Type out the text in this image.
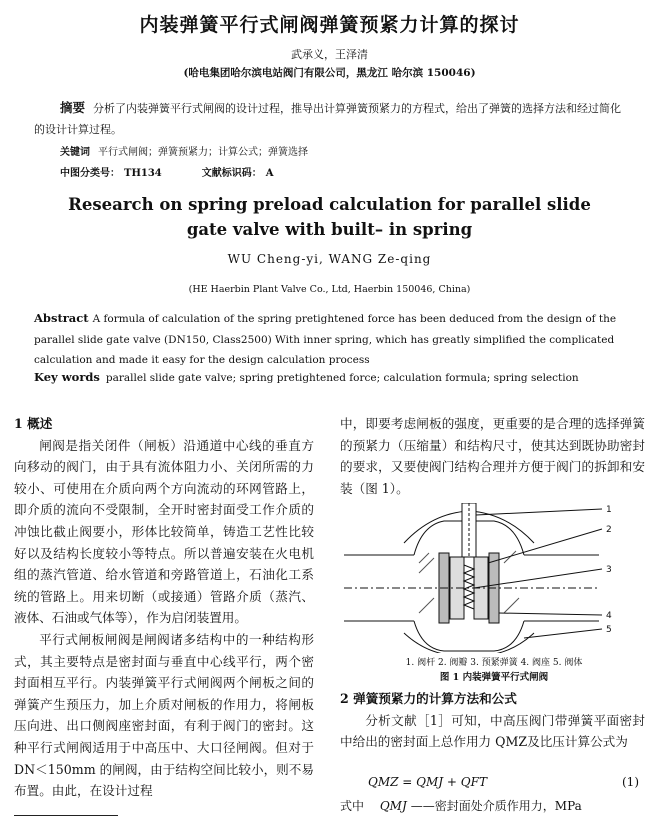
内装弹簧平行式闸阀弹簧预紧力计算的探讨
武承义，王泽清
(哈电集团哈尔滨电站阀门有限公司，黑龙江 哈尔滨 150046)
摘要 分析了内装弹簧平行式闸阀的设计过程，推导出计算弹簧预紧力的方程式，给出了弹簧的选择方法和经过简化的设计计算过程。
关键词 平行式闸阀；弹簧预紧力；计算公式；弹簧选择
中图分类号： TH134	文献标识码： A
Research on spring preload calculation for parallel slide
gate valve with built– in spring
WU Cheng-yi, WANG Ze-qing
(HE Haerbin Plant Valve Co., Ltd, Haerbin 150046, China)
Abstract A formula of calculation of the spring pretightened force has been deduced from the design of the parallel slide gate valve (DN150, Class2500) With inner spring, which has greatly simplified the complicated calculation and made it easy for the design calculation process
Key words parallel slide gate valve; spring pretightened force; calculation formula; spring selection
1 概述

闸阀是指关闭件（闸板）沿通道中心线的垂直方向移动的阀门，由于具有流体阻力小、关闭所需的力较小、可使用在介质向两个方向流动的环网管路上，即介质的流向不受限制，全开时密封面受工作介质的冲蚀比截止阀要小，形体比较简单，铸造工艺性比较好以及结构长度较小等特点。所以普遍安装在火电机组的蒸汽管道、给水管道和旁路管道上，石油化工系统的管路上。用来切断（或接通）管路介质（蒸汽、液体、石油或气体等），作为启闭装置用。

平行式闸板闸阀是闸阀诸多结构中的一种结构形式，其主要特点是密封面与垂直中心线平行，两个密封面相互平行。内装弹簧平行式闸阀两个闸板之间的弹簧产生预压力，加上介质对闸板的作用力，将闸板压向进、出口侧阀座密封面，有利于阀门的密封。这种平行式闸阀适用于中高压中、大口径闸阀。但对于 DN＜150mm 的闸阀，由于结构空间比较小，则不易布置。由此，在设计过程

中，即要考虑闸板的强度，更重要的是合理的选择弹簧的预紧力（压缩量）和结构尺寸，使其达到既协助密封的要求，又要使阀门结构合理并方便于阀门的拆卸和安装（图 1）。
1
2
3
4
5
1. 阀杆 2. 阀瓣 3. 预紧弹簧 4. 阀座 5. 阀体
图 1 内装弹簧平行式闸阀
2 弹簧预紧力的计算方法和公式

分析文献［1］可知，中高压阀门带弹簧平面密封中给出的密封面上总作用力 QMZ及比压计算公式为

QMZ = QMJ + QFT	(1)
式中 QMJ ——密封面处介质作用力，MPa
